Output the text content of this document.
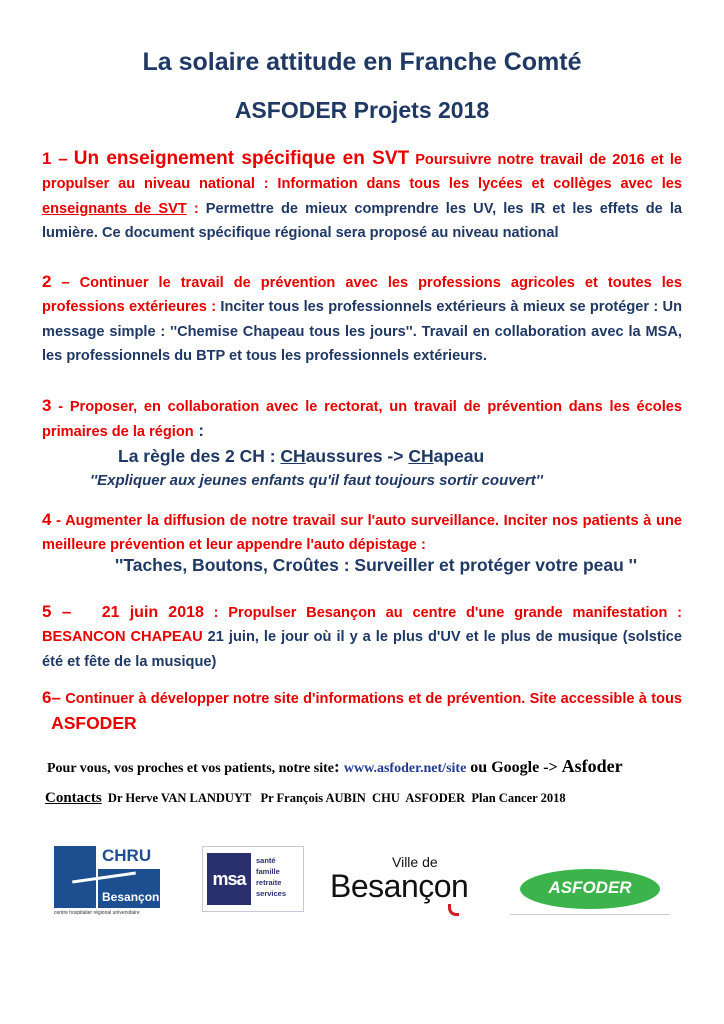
La solaire attitude en Franche Comté
ASFODER Projets 2018
1 – Un enseignement spécifique en SVT Poursuivre notre travail de 2016 et le propulser au niveau national : Information dans tous les lycées et collèges avec les enseignants de SVT : Permettre de mieux comprendre les UV, les IR et les effets de la lumière. Ce document spécifique régional sera proposé au niveau national
2 – Continuer le travail de prévention avec les professions agricoles et toutes les professions extérieures : Inciter tous les professionnels extérieurs à mieux se protéger : Un message simple : ''Chemise Chapeau tous les jours''. Travail en collaboration avec la MSA, les professionnels du BTP et tous les professionnels extérieurs.
3 - Proposer, en collaboration avec le rectorat, un travail de prévention dans les écoles primaires de la région :
La règle des 2 CH : CHaussures -> CHapeau
''Expliquer aux jeunes enfants qu'il faut toujours sortir couvert''
4 - Augmenter la diffusion de notre travail sur l'auto surveillance. Inciter nos patients à une meilleure prévention et leur appendre l'auto dépistage :
''Taches, Boutons, Croûtes : Surveiller et protéger votre peau ''
5 –   21 juin 2018 : Propulser Besançon au centre d'une grande manifestation : BESANCON CHAPEAU 21 juin, le jour où il y a le plus d'UV et le plus de musique (solstice été et fête de la musique)
6– Continuer à développer notre site d'informations et de prévention. Site accessible à tous  ASFODER
Pour vous, vos proches et vos patients, notre site: www.asfoder.net/site ou Google -> Asfoder
Contacts  Dr Herve VAN LANDUYT   Pr François AUBIN  CHU  ASFODER  Plan Cancer 2018
CHRU
Besançon
centre hospitalier régional universitaire
msa
santé
famille
retraite
services
Ville de
Besançon	ASFODER
